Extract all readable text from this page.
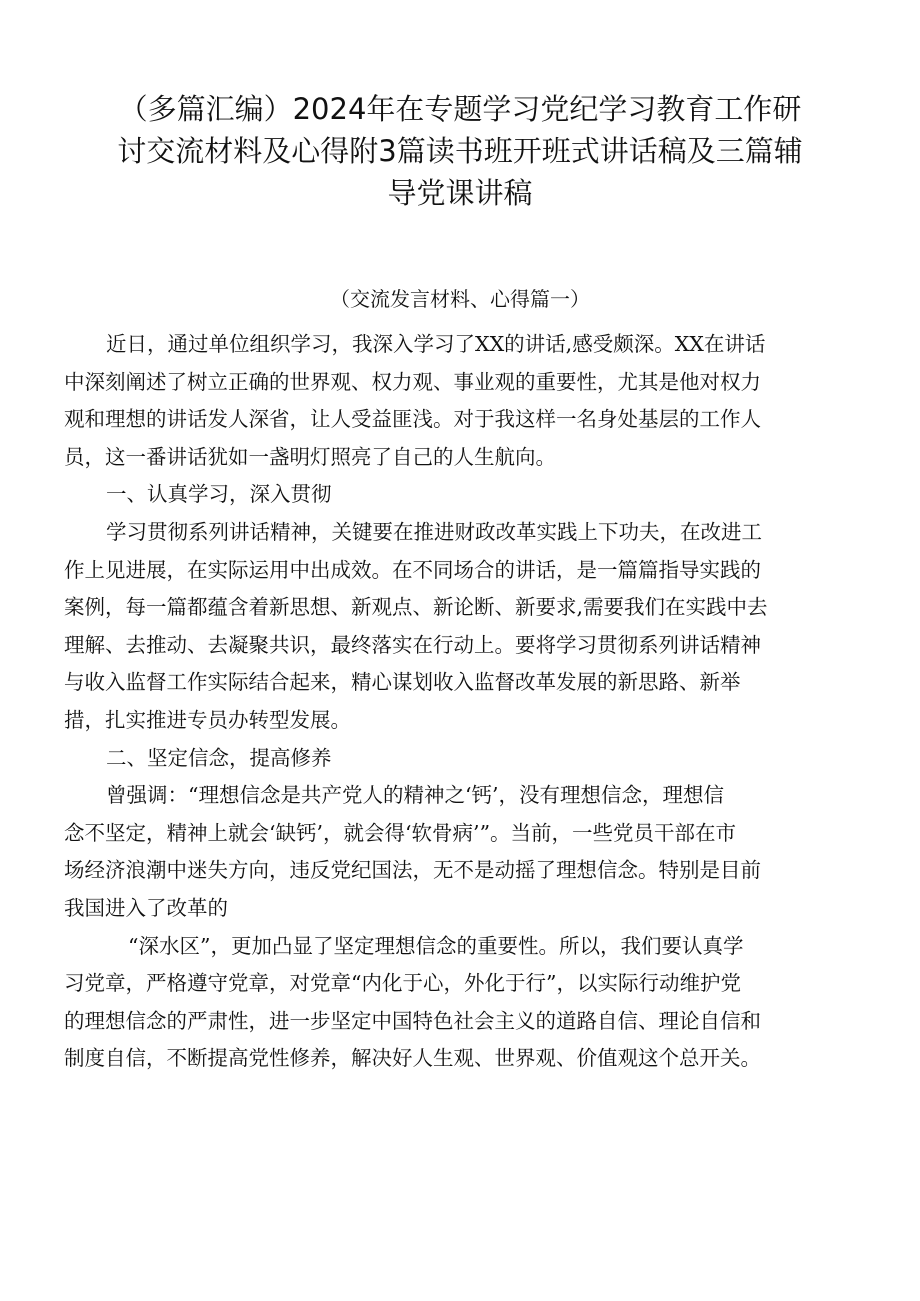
（多篇汇编）2024年在专题学习党纪学习教育工作研
讨交流材料及心得附3篇读书班开班式讲话稿及三篇辅
导党课讲稿

（交流发言材料、心得篇一）

近日，通过单位组织学习，我深入学习了XX的讲话,感受颇深。XX在讲话
中深刻阐述了树立正确的世界观、权力观、事业观的重要性，尤其是他对权力
观和理想的讲话发人深省，让人受益匪浅。对于我这样一名身处基层的工作人
员，这一番讲话犹如一盏明灯照亮了自己的人生航向。
一、认真学习，深入贯彻
学习贯彻系列讲话精神，关键要在推进财政改革实践上下功夫，在改进工
作上见进展，在实际运用中出成效。在不同场合的讲话，是一篇篇指导实践的
案例，每一篇都蕴含着新思想、新观点、新论断、新要求,需要我们在实践中去
理解、去推动、去凝聚共识，最终落实在行动上。要将学习贯彻系列讲话精神
与收入监督工作实际结合起来，精心谋划收入监督改革发展的新思路、新举
措，扎实推进专员办转型发展。
二、坚定信念，提高修养
曾强调：“理想信念是共产党人的精神之‘钙’，没有理想信念，理想信
念不坚定，精神上就会‘缺钙’，就会得‘软骨病’”。当前，一些党员干部在市
场经济浪潮中迷失方向，违反党纪国法，无不是动摇了理想信念。特别是目前
我国进入了改革的
“深水区”，更加凸显了坚定理想信念的重要性。所以，我们要认真学
习党章，严格遵守党章，对党章“内化于心，外化于行”，以实际行动维护党
的理想信念的严肃性，进一步坚定中国特色社会主义的道路自信、理论自信和
制度自信，不断提高党性修养，解决好人生观、世界观、价值观这个总开关。
